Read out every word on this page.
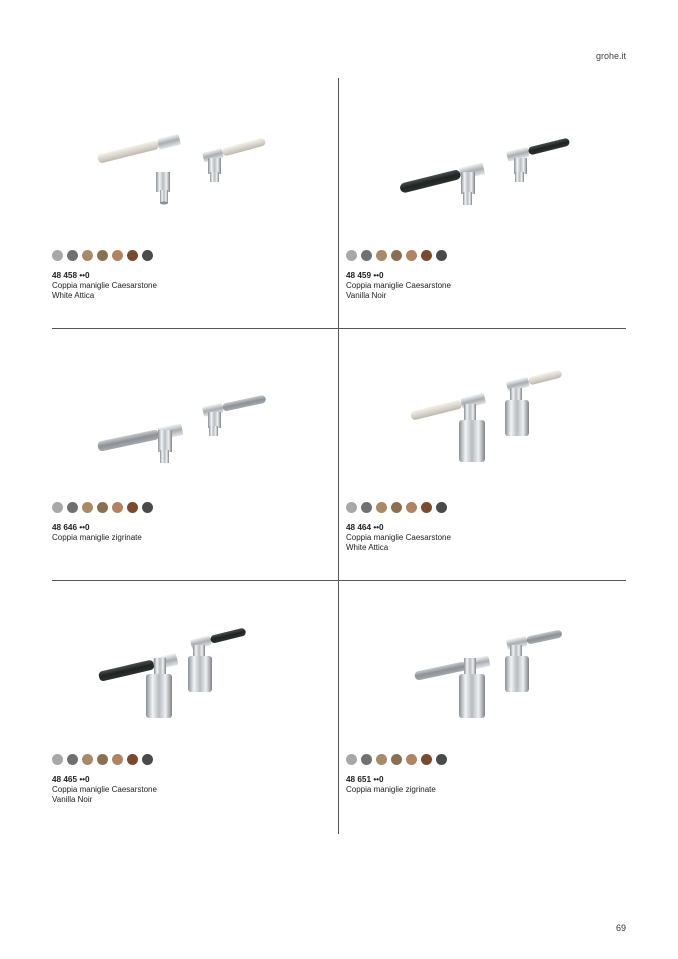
grohe.it
48 458 ••0
Coppia maniglie Caesarstone
White Attica
48 459 ••0
Coppia maniglie Caesarstone
Vanilla Noir
48 646 ••0
Coppia maniglie zigrinate
48 464 ••0
Coppia maniglie Caesarstone
White Attica
48 465 ••0
Coppia maniglie Caesarstone
Vanilla Noir
48 651 ••0
Coppia maniglie zigrinate
69
